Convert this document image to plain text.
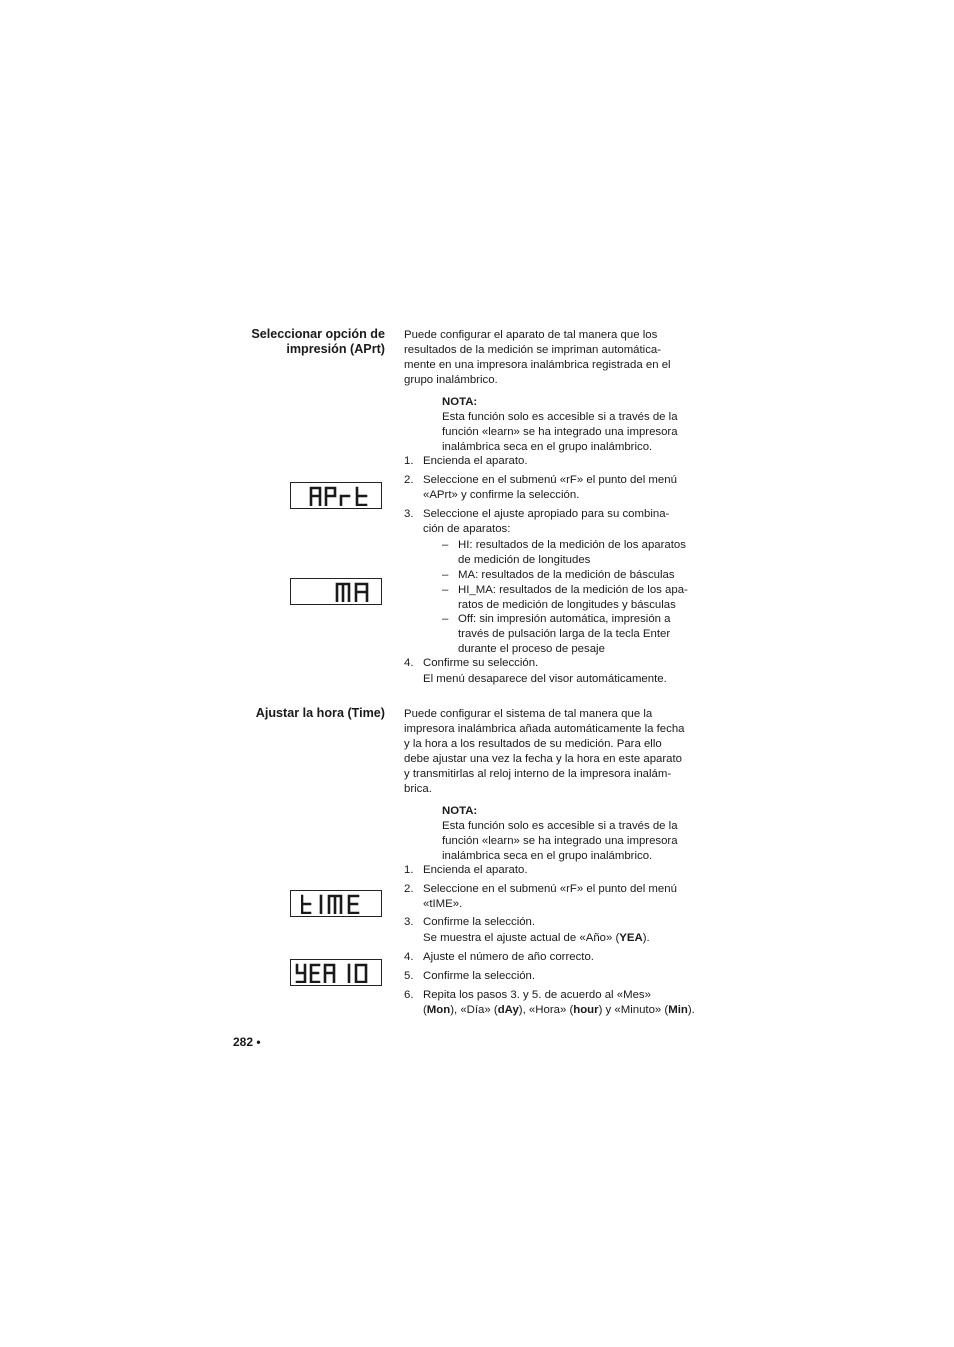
Seleccionar opción de
impresión (APrt)
Puede configurar el aparato de tal manera que los
resultados de la medición se impriman automática-
mente en una impresora inalámbrica registrada en el
grupo inalámbrico.
NOTA:
Esta función solo es accesible si a través de la
función «learn» se ha integrado una impresora
inalámbrica seca en el grupo inalámbrico.
1. Encienda el aparato.
2. Seleccione en el submenú «rF» el punto del menú
«APrt» y confirme la selección.
3. Seleccione el ajuste apropiado para su combina-
ción de aparatos:
– HI: resultados de la medición de los aparatos
de medición de longitudes
– MA: resultados de la medición de básculas
– HI_MA: resultados de la medición de los apa-
ratos de medición de longitudes y básculas
– Off: sin impresión automática, impresión a
través de pulsación larga de la tecla Enter
durante el proceso de pesaje
4. Confirme su selección.
El menú desaparece del visor automáticamente.
Ajustar la hora (Time) Puede configurar el sistema de tal manera que la
impresora inalámbrica añada automáticamente la fecha
y la hora a los resultados de su medición. Para ello
debe ajustar una vez la fecha y la hora en este aparato
y transmitirlas al reloj interno de la impresora inalám-
brica.
NOTA:
Esta función solo es accesible si a través de la
función «learn» se ha integrado una impresora
inalámbrica seca en el grupo inalámbrico.
1. Encienda el aparato.
2. Seleccione en el submenú «rF» el punto del menú
«tIME».
3. Confirme la selección.
Se muestra el ajuste actual de «Año» (YEA).
4. Ajuste el número de año correcto.
5. Confirme la selección.
6. Repita los pasos 3. y 5. de acuerdo al «Mes»
(Mon), «Día» (dAy), «Hora» (hour) y «Minuto» (Min).
282 •
